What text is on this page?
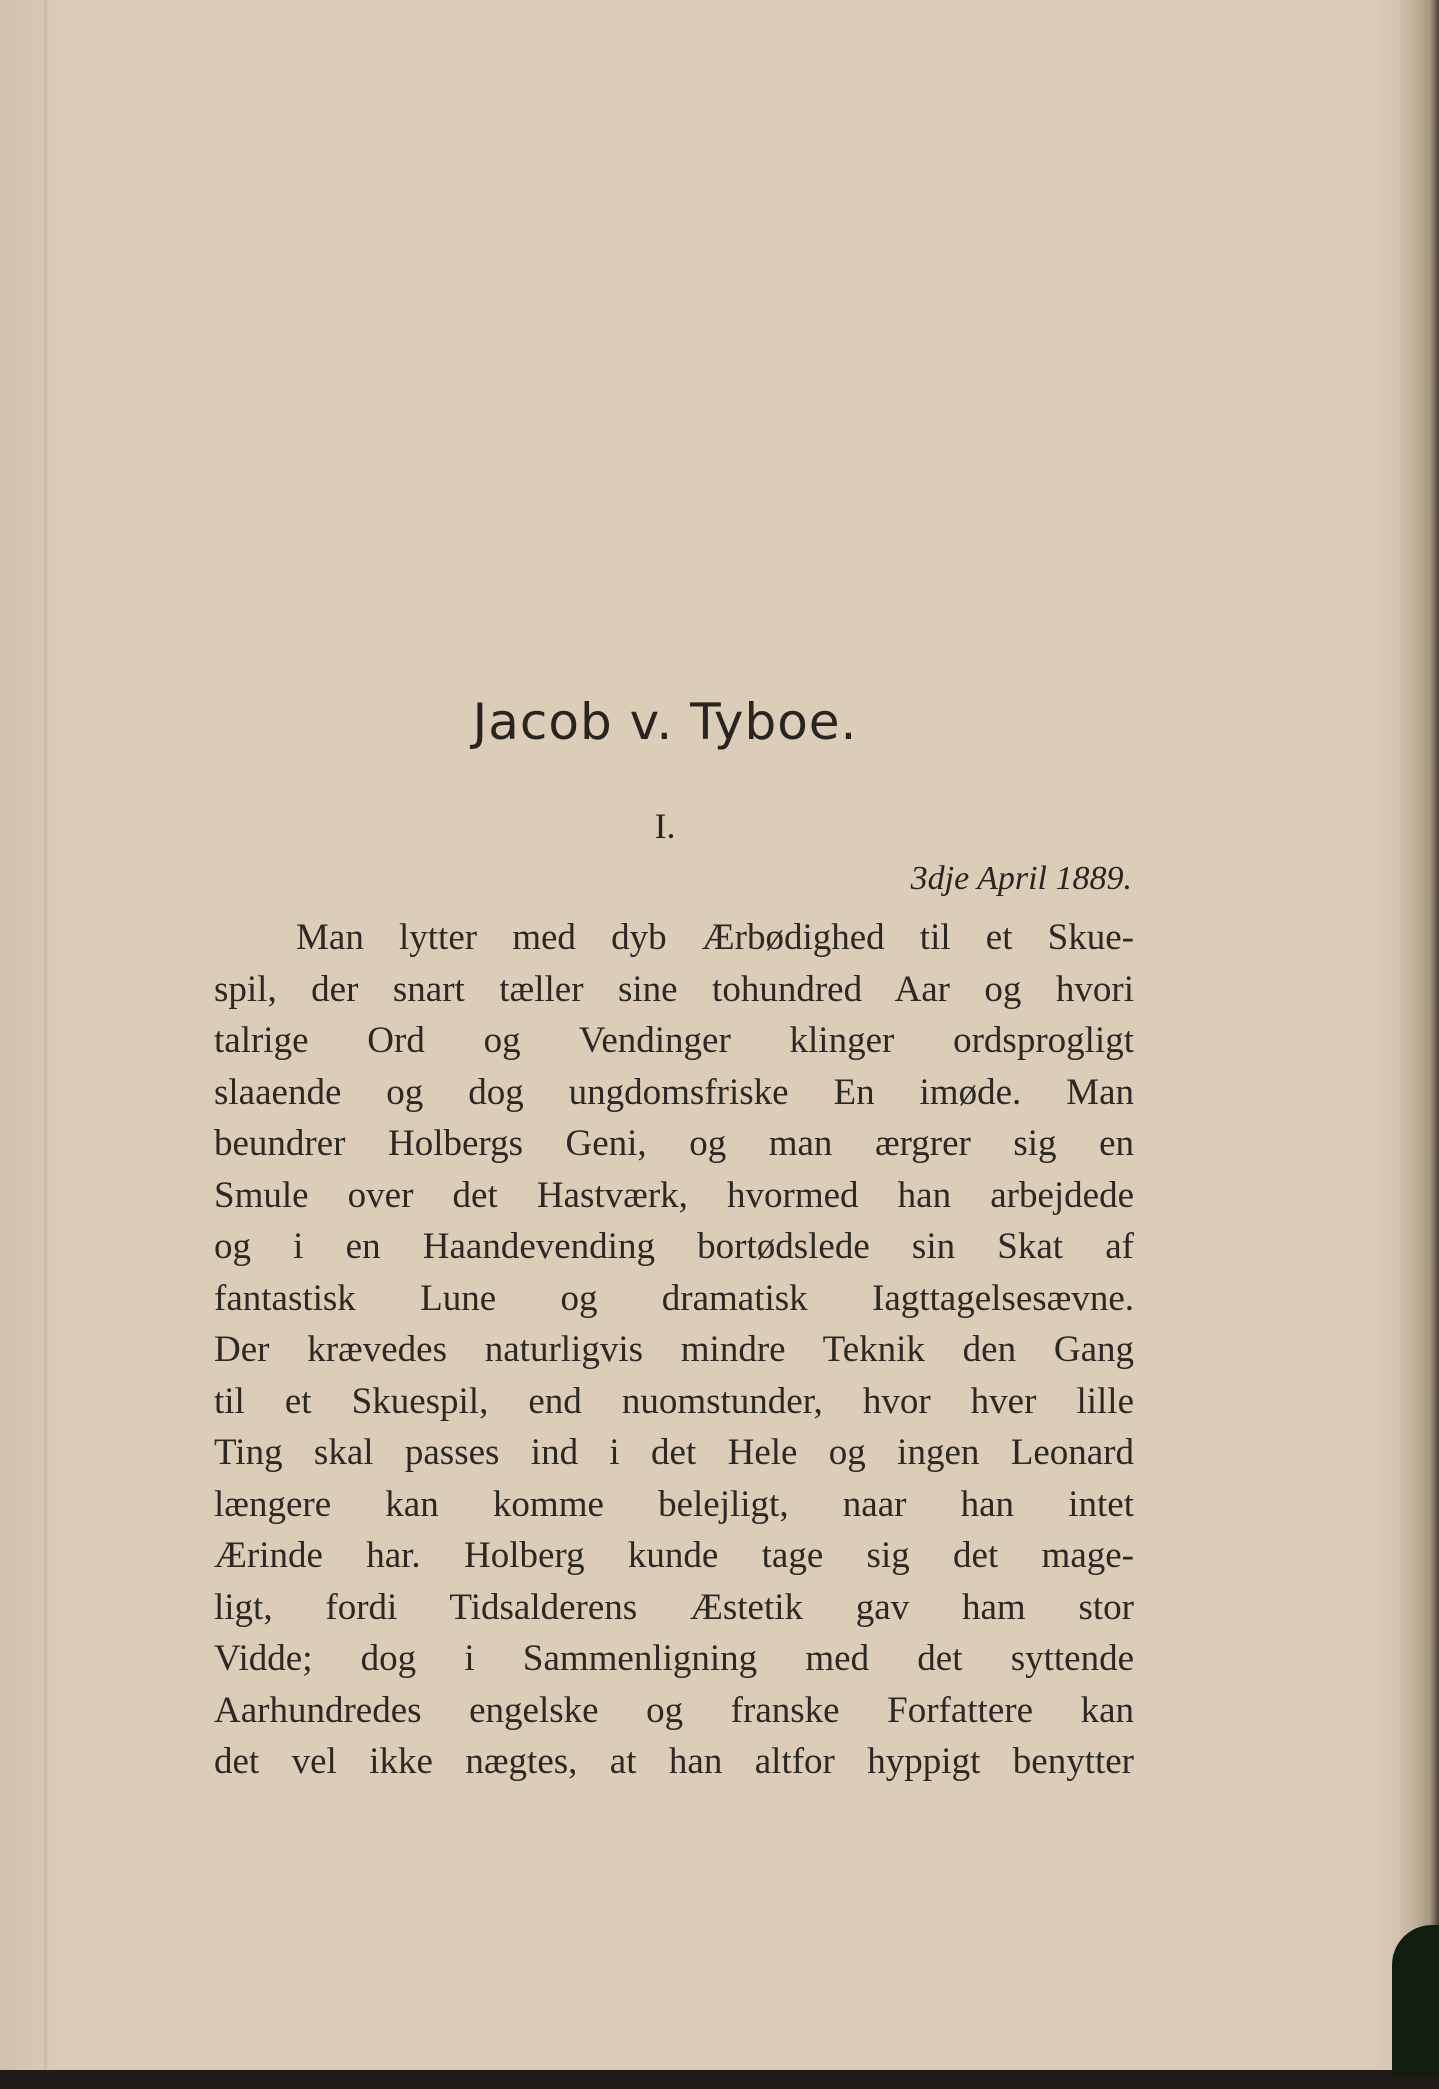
Jacob v. Tyboe.
I.
3dje April 1889.

Man lytter med dyb Ærbødighed til et Skue-
spil, der snart tæller sine tohundred Aar og hvori
talrige Ord og Vendinger klinger ordsprogligt
slaaende og dog ungdomsfriske En imøde. Man
beundrer Holbergs Geni, og man ærgrer sig en
Smule over det Hastværk, hvormed han arbejdede
og i en Haandevending bortødslede sin Skat af
fantastisk Lune og dramatisk Iagttagelsesævne.
Der krævedes naturligvis mindre Teknik den Gang
til et Skuespil, end nuomstunder, hvor hver lille
Ting skal passes ind i det Hele og ingen Leonard
længere kan komme belejligt, naar han intet
Ærinde har. Holberg kunde tage sig det mage-
ligt, fordi Tidsalderens Æstetik gav ham stor
Vidde; dog i Sammenligning med det syttende
Aarhundredes engelske og franske Forfattere kan
det vel ikke nægtes, at han altfor hyppigt benytter
